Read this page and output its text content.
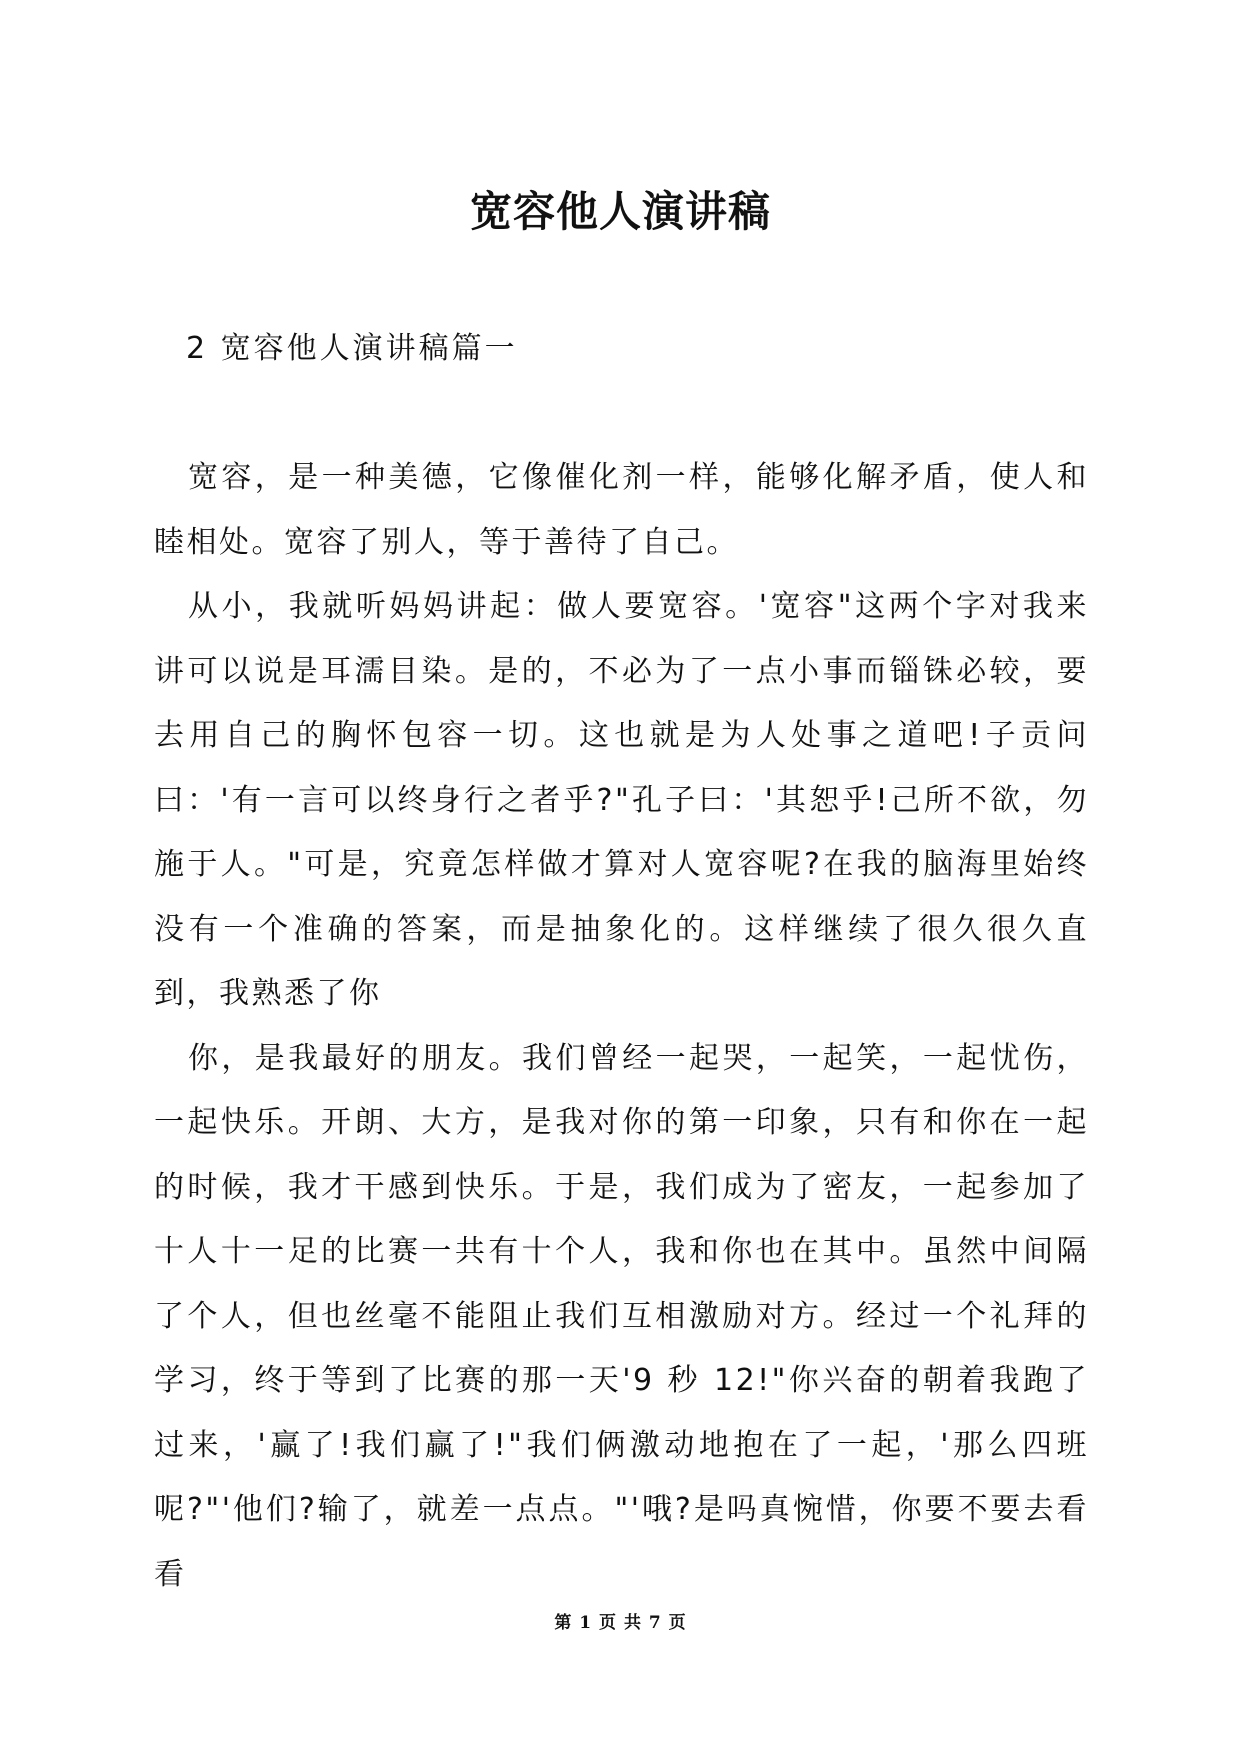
宽容他人演讲稿
2 宽容他人演讲稿篇一

宽容，是一种美德，它像催化剂一样，能够化解矛盾，使人和睦相处。宽容了别人，等于善待了自己。

从小，我就听妈妈讲起：做人要宽容。'宽容"这两个字对我来讲可以说是耳濡目染。是的，不必为了一点小事而锱铢必较，要去用自己的胸怀包容一切。这也就是为人处事之道吧!子贡问曰：'有一言可以终身行之者乎?"孔子曰：'其恕乎!己所不欲，勿施于人。"可是，究竟怎样做才算对人宽容呢?在我的脑海里始终没有一个准确的答案，而是抽象化的。这样继续了很久很久直到，我熟悉了你

你，是我最好的朋友。我们曾经一起哭，一起笑，一起忧伤，一起快乐。开朗、大方，是我对你的第一印象，只有和你在一起的时候，我才干感到快乐。于是，我们成为了密友，一起参加了十人十一足的比赛一共有十个人，我和你也在其中。虽然中间隔了个人，但也丝毫不能阻止我们互相激励对方。经过一个礼拜的学习，终于等到了比赛的那一天'9 秒 12!"你兴奋的朝着我跑了过来，'赢了!我们赢了!"我们俩激动地抱在了一起，'那么四班呢?"'他们?输了，就差一点点。"'哦?是吗真惋惜，你要不要去看看

第 1 页 共 7 页
